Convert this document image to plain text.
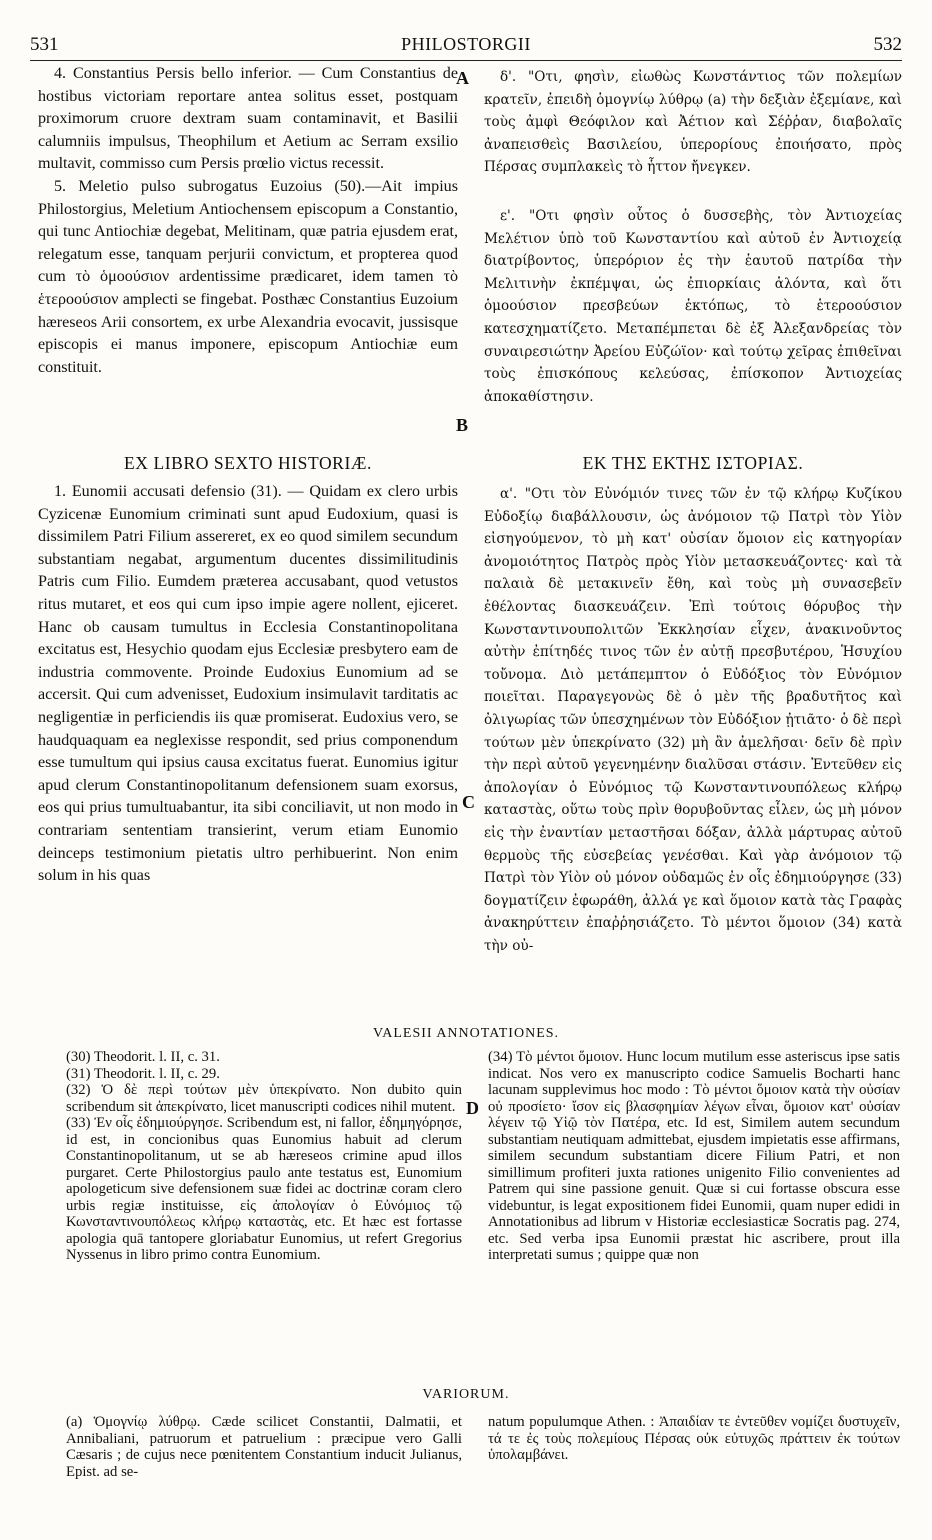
531	PHILOSTORGII	532

4. Constantius Persis bello inferior. — Cum Constantius de hostibus victoriam reportare antea solitus esset, postquam proximorum cruore dextram suam contaminavit, et Basilii calumniis impulsus, Theophilum et Aetium ac Serram exsilio multavit, commisso cum Persis prœlio victus recessit.

5. Meletio pulso subrogatus Euzoius (50).—Ait impius Philostorgius, Meletium Antiochensem episcopum a Constantio, qui tunc Antiochiæ degebat, Melitinam, quæ patria ejusdem erat, relegatum esse, tanquam perjurii convictum, et propterea quod cum τὸ ὁμοούσιον ardentissime prædicaret, idem tamen τὸ ἑτεροούσιον amplecti se fingebat. Posthæc Constantius Euzoium hæreseos Arii consortem, ex urbe Alexandria evocavit, jussisque episcopis ei manus imponere, episcopum Antiochiæ eum constituit.

δ'. "Οτι, φησὶν, εἰωθὼς Κωνστάντιος τῶν πολεμίων κρατεῖν, ἐπειδὴ ὁμογνίῳ λύθρῳ (a) τὴν δεξιὰν ἐξεμίανε, καὶ τοὺς ἀμφὶ Θεόφιλον καὶ Ἀέτιον καὶ Σέῤῥαν, διαβολαῖς ἀναπεισθεὶς Βασιλείου, ὑπερορίους ἐποιήσατο, πρὸς Πέρσας συμπλακεὶς τὸ ἧττον ἤνεγκεν.

ε'. "Οτι φησὶν οὗτος ὁ δυσσεβὴς, τὸν Ἀντιοχείας Μελέτιον ὑπὸ τοῦ Κωνσταντίου καὶ αὐτοῦ ἐν Ἀντιοχείᾳ διατρίβοντος, ὑπερόριον ἐς τὴν ἑαυτοῦ πατρίδα τὴν Μελιτινὴν ἐκπέμψαι, ὡς ἐπιορκίαις ἁλόντα, καὶ ὅτι ὁμοούσιον πρεσβεύων ἐκτόπως, τὸ ἑτεροούσιον κατεσχηματίζετο. Μεταπέμπεται δὲ ἐξ Ἀλεξανδρείας τὸν συναιρεσιώτην Ἀρείου Εὐζώϊον· καὶ τούτῳ χεῖρας ἐπιθεῖναι τοὺς ἐπισκόπους κελεύσας, ἐπίσκοπον Ἀντιοχείας ἀποκαθίστησιν.

A
B
C
D
EX LIBRO SEXTO HISTORIÆ.	ΕΚ ΤΗΣ ΕΚΤΗΣ ΙΣΤΟΡΙΑΣ.

1. Eunomii accusati defensio (31). — Quidam ex clero urbis Cyzicenæ Eunomium criminati sunt apud Eudoxium, quasi is dissimilem Patri Filium assereret, ex eo quod similem secundum substantiam negabat, argumentum ducentes dissimilitudinis Patris cum Filio. Eumdem præterea accusabant, quod vetustos ritus mutaret, et eos qui cum ipso impie agere nollent, ejiceret. Hanc ob causam tumultus in Ecclesia Constantinopolitana excitatus est, Hesychio quodam ejus Ecclesiæ presbytero eam de industria commovente. Proinde Eudoxius Eunomium ad se accersit. Qui cum advenisset, Eudoxium insimulavit tarditatis ac negligentiæ in perficiendis iis quæ promiserat. Eudoxius vero, se haudquaquam ea neglexisse respondit, sed prius componendum esse tumultum qui ipsius causa excitatus fuerat. Eunomius igitur apud clerum Constantinopolitanum defensionem suam exorsus, eos qui prius tumultuabantur, ita sibi conciliavit, ut non modo in contrariam sententiam transierint, verum etiam Eunomio deinceps testimonium pietatis ultro perhibuerint. Non enim solum in his quas

α'. "Οτι τὸν Εὐνόμιόν τινες τῶν ἐν τῷ κλήρῳ Κυζίκου Εὐδοξίῳ διαβάλλουσιν, ὡς ἀνόμοιον τῷ Πατρὶ τὸν Υἱὸν εἰσηγούμενον, τὸ μὴ κατ' οὐσίαν ὅμοιον εἰς κατηγορίαν ἀνομοιότητος Πατρὸς πρὸς Υἱὸν μετασκευάζοντες· καὶ τὰ παλαιὰ δὲ μετακινεῖν ἔθη, καὶ τοὺς μὴ συνασεβεῖν ἐθέλοντας διασκευάζειν. Ἐπὶ τούτοις θόρυβος τὴν Κωνσταντινουπολιτῶν Ἐκκλησίαν εἶχεν, ἀνακινοῦντος αὐτὴν ἐπίτηδές τινος τῶν ἐν αὐτῇ πρεσβυτέρου, Ἡσυχίου τοὔνομα. Διὸ μετάπεμπτον ὁ Εὐδόξιος τὸν Εὐνόμιον ποιεῖται. Παραγεγονὼς δὲ ὁ μὲν τῆς βραδυτῆτος καὶ ὀλιγωρίας τῶν ὑπεσχημένων τὸν Εὐδόξιον ᾐτιᾶτο· ὁ δὲ περὶ τούτων μὲν ὑπεκρίνατο (32) μὴ ἂν ἀμελῆσαι· δεῖν δὲ πρὶν τὴν περὶ αὐτοῦ γεγενημένην διαλῦσαι στάσιν. Ἐντεῦθεν εἰς ἀπολογίαν ὁ Εὐνόμιος τῷ Κωνσταντινουπόλεως κλήρῳ καταστὰς, οὕτω τοὺς πρὶν θορυβοῦντας εἷλεν, ὡς μὴ μόνον εἰς τὴν ἐναντίαν μεταστῆσαι δόξαν, ἀλλὰ μάρτυρας αὐτοῦ θερμοὺς τῆς εὐσεβείας γενέσθαι. Καὶ γὰρ ἀνόμοιον τῷ Πατρὶ τὸν Υἱὸν οὐ μόνον οὐδαμῶς ἐν οἷς ἐδημιούργησε (33) δογματίζειν ἐφωράθη, ἀλλά γε καὶ ὅμοιον κατὰ τὰς Γραφὰς ἀνακηρύττειν ἐπαῤῥησιάζετο. Τὸ μέντοι ὅμοιον (34) κατὰ τὴν οὐ-

VALESII ANNOTATIONES.

(30) Theodorit. l. II, c. 31.

(31) Theodorit. l. II, c. 29.

(32) Ὁ δὲ περὶ τούτων μὲν ὑπεκρίνατο. Non dubito quin scribendum sit ἀπεκρίνατο, licet manuscripti codices nihil mutent.

(33) Ἐν οἷς ἐδημιούργησε. Scribendum est, ni fallor, ἐδημηγόρησε, id est, in concionibus quas Eunomius habuit ad clerum Constantinopolitanum, ut se ab hæreseos crimine apud illos purgaret. Certe Philostorgius paulo ante testatus est, Eunomium apologeticum sive defensionem suæ fidei ac doctrinæ coram clero urbis regiæ instituisse, εἰς ἀπολογίαν ὁ Εὐνόμιος τῷ Κωνσταντινουπόλεως κλήρῳ καταστὰς, etc. Et hæc est fortasse apologia quā tantopere gloriabatur Eunomius, ut refert Gregorius Nyssenus in libro primo contra Eunomium.

(34) Τὸ μέντοι ὅμοιον. Hunc locum mutilum esse asteriscus ipse satis indicat. Nos vero ex manuscripto codice Samuelis Bocharti hanc lacunam supplevimus hoc modo : Τὸ μέντοι ὅμοιον κατὰ τὴν οὐσίαν οὐ προσίετο· ἴσον εἰς βλασφημίαν λέγων εἶναι, ὅμοιον κατ' οὐσίαν λέγειν τῷ Υἱῷ τὸν Πατέρα, etc. Id est, Similem autem secundum substantiam neutiquam admittebat, ejusdem impietatis esse affirmans, similem secundum substantiam dicere Filium Patri, et non simillimum profiteri juxta rationes unigenito Filio convenientes ad Patrem qui sine passione genuit. Quæ si cui fortasse obscura esse videbuntur, is legat expositionem fidei Eunomii, quam nuper edidi in Annotationibus ad librum v Historiæ ecclesiasticæ Socratis pag. 274, etc. Sed verba ipsa Eunomii præstat hic ascribere, prout illa interpretati sumus ; quippe quæ non

VARIORUM.

(a) Ὁμογνίῳ λύθρῳ. Cæde scilicet Constantii, Dalmatii, et Annibaliani, patruorum et patruelium : præcipue vero Galli Cæsaris ; de cujus nece pœnitentem Constantium inducit Julianus, Epist. ad se-

natum populumque Athen. : Ἀπαιδίαν τε ἐντεῦθεν νομίζει δυστυχεῖν, τά τε ἐς τοὺς πολεμίους Πέρσας οὐκ εὐτυχῶς πράττειν ἐκ τούτων ὑπολαμβάνει.
